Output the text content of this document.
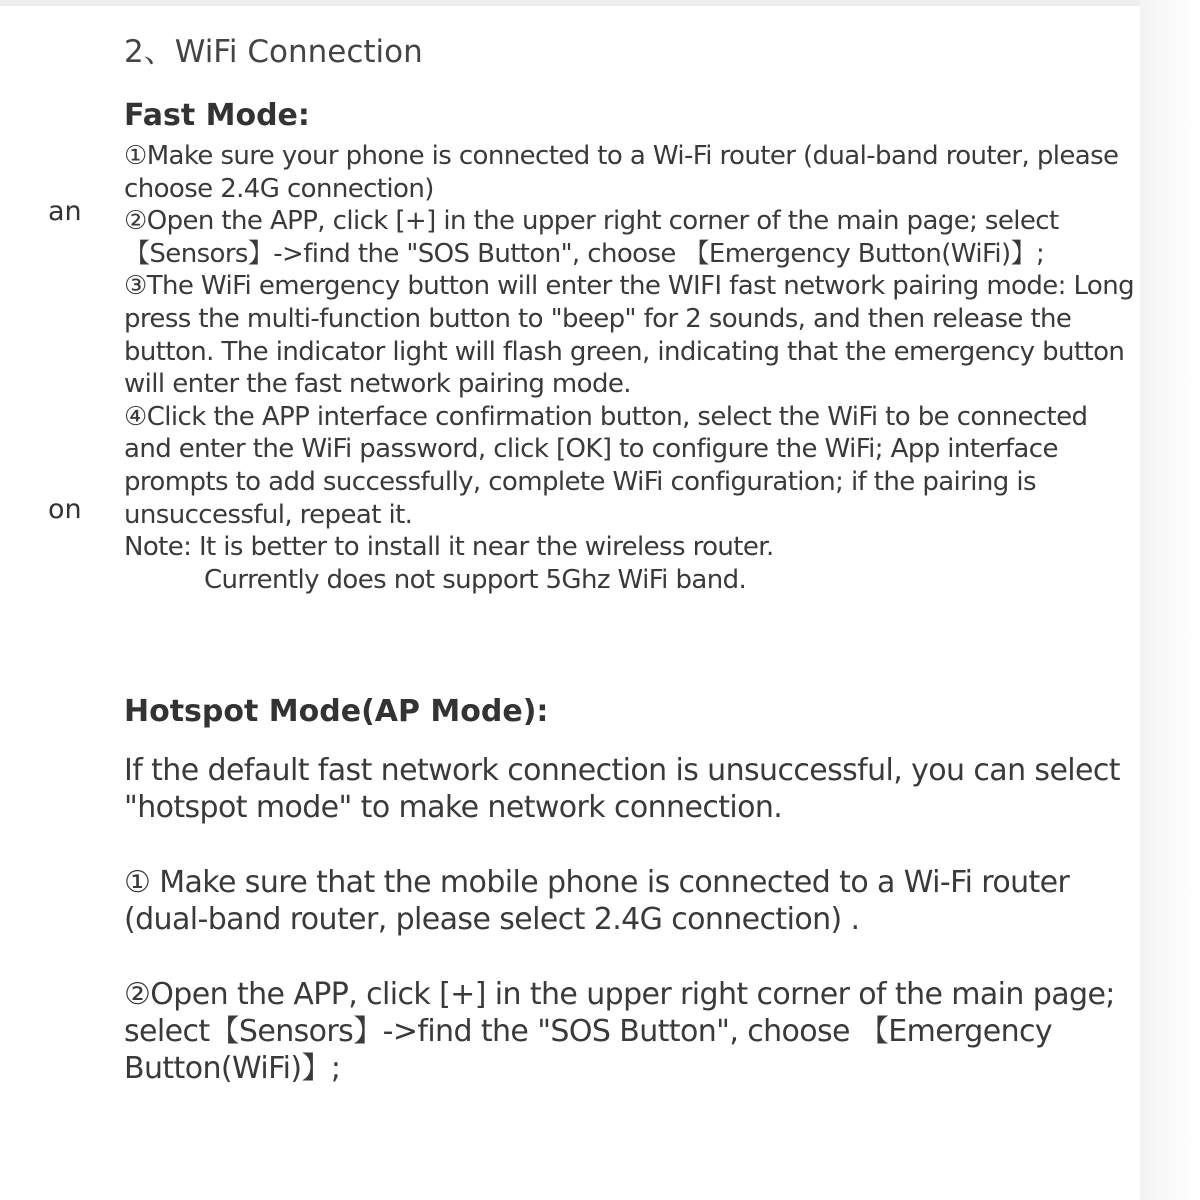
an
on
2、WiFi Connection
Fast Mode:

①Make sure your phone is connected to a Wi-Fi router (dual-band router, please choose 2.4G connection)

②Open the APP, click [+] in the upper right corner of the main page; select【Sensors】->find the "SOS Button", choose 【Emergency Button(WiFi)】;

③The WiFi emergency button will enter the WIFI fast network pairing mode: Long press the multi-function button to "beep" for 2 sounds, and then release the button. The indicator light will flash green, indicating that the emergency button will enter the fast network pairing mode.

④Click the APP interface confirmation button, select the WiFi to be connected and enter the WiFi password, click [OK] to configure the WiFi; App interface prompts to add successfully, complete WiFi configuration; if the pairing is unsuccessful, repeat it.

Note: It is better to install it near the wireless router.

Currently does not support 5Ghz WiFi band.

Hotspot Mode(AP Mode):

If the default fast network connection is unsuccessful, you can select "hotspot mode" to make network connection.

① Make sure that the mobile phone is connected to a Wi-Fi router (dual-band router, please select 2.4G connection) .

②Open the APP, click [+] in the upper right corner of the main page; select【Sensors】->find the "SOS Button", choose 【Emergency Button(WiFi)】;
